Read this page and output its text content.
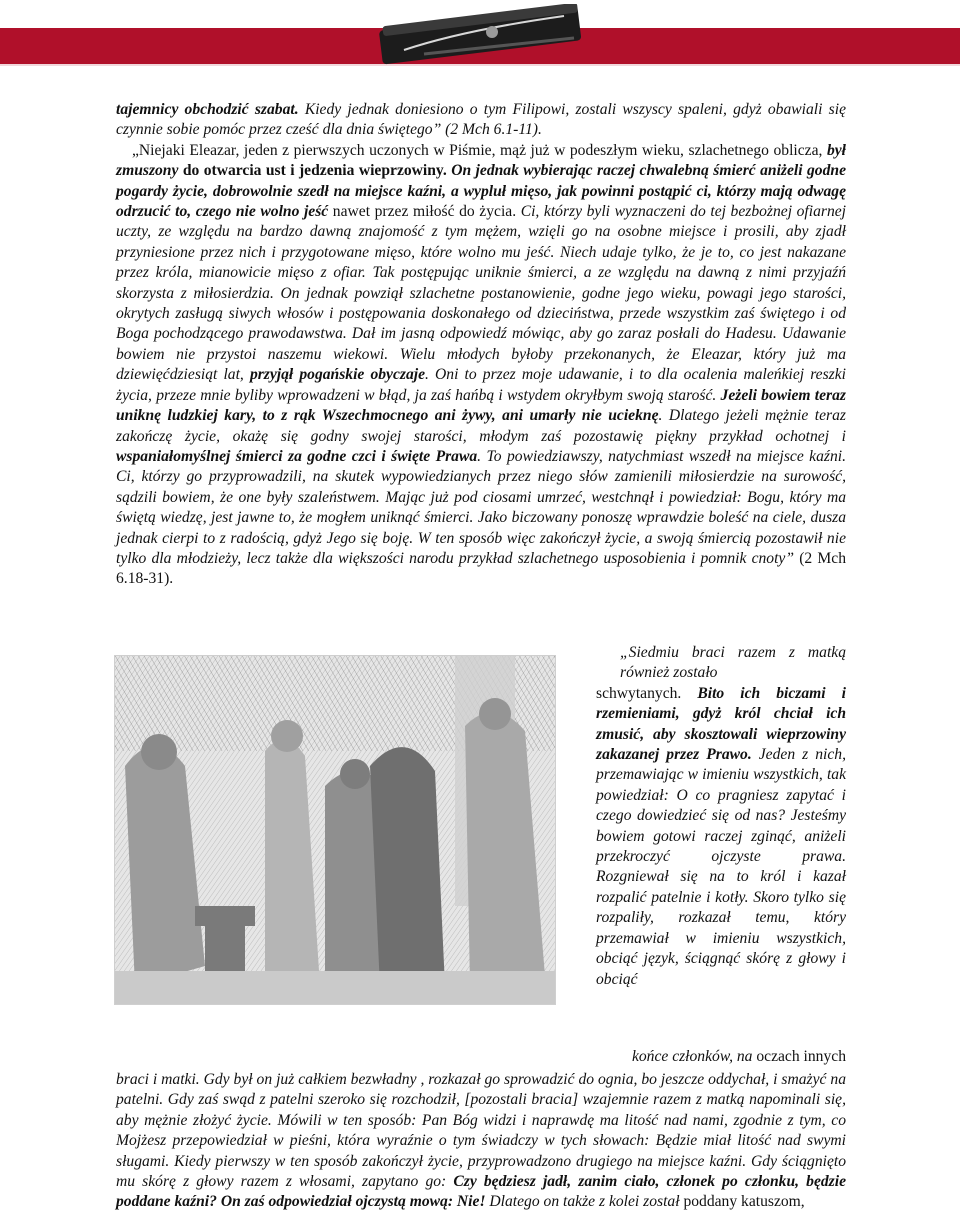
tajemnicy obchodzić szabat. Kiedy jednak doniesiono o tym Filipowi, zostali wszyscy spaleni, gdyż obawiali się czynnie sobie pomóc przez cześć dla dnia świętego” (2 Mch 6.1-11).

„Niejaki Eleazar, jeden z pierwszych uczonych w Piśmie, mąż już w podeszłym wieku, szlachetnego oblicza, był zmuszony do otwarcia ust i jedzenia wieprzowiny. On jednak wybierając raczej chwalebną śmierć aniżeli godne pogardy życie, dobrowolnie szedł na miejsce kaźni, a wypluł mięso, jak powinni postąpić ci, którzy mają odwagę odrzucić to, czego nie wolno jeść nawet przez miłość do życia. Ci, którzy byli wyznaczeni do tej bezbożnej ofiarnej uczty, ze względu na bardzo dawną znajomość z tym mężem, wzięli go na osobne miejsce i prosili, aby zjadł przyniesione przez nich i przygotowane mięso, które wolno mu jeść. Niech udaje tylko, że je to, co jest nakazane przez króla, mianowicie mięso z ofiar. Tak postępując uniknie śmierci, a ze względu na dawną z nimi przyjaźń skorzysta z miłosierdzia. On jednak powziął szlachetne postanowienie, godne jego wieku, powagi jego starości, okrytych zasługą siwych włosów i postępowania doskonałego od dzieciństwa, przede wszystkim zaś świętego i od Boga pochodzącego prawodawstwa. Dał im jasną odpowiedź mówiąc, aby go zaraz posłali do Hadesu. Udawanie bowiem nie przystoi naszemu wiekowi. Wielu młodych byłoby przekonanych, że Eleazar, który już ma dziewięćdziesiąt lat, przyjął pogańskie obyczaje. Oni to przez moje udawanie, i to dla ocalenia maleńkiej reszki życia, przeze mnie byliby wprowadzeni w błąd, ja zaś hańbą i wstydem okryłbym swoją starość. Jeżeli bowiem teraz uniknę ludzkiej kary, to z rąk Wszechmocnego ani żywy, ani umarły nie ucieknę. Dlatego jeżeli mężnie teraz zakończę życie, okażę się godny swojej starości, młodym zaś pozostawię piękny przykład ochotnej i wspaniałomyślnej śmierci za godne czci i święte Prawa. To powiedziawszy, natychmiast wszedł na miejsce kaźni. Ci, którzy go przyprowadzili, na skutek wypowiedzianych przez niego słów zamienili miłosierdzie na surowość, sądzili bowiem, że one były szaleństwem. Mając już pod ciosami umrzeć, westchnął i powiedział: Bogu, który ma świętą wiedzę, jest jawne to, że mogłem uniknąć śmierci. Jako biczowany ponoszę wprawdzie boleść na ciele, dusza jednak cierpi to z radością, gdyż Jego się boję. W ten sposób więc zakończył życie, a swoją śmiercią pozostawił nie tylko dla młodzieży, lecz także dla większości narodu przykład szlachetnego usposobienia i pomnik cnoty” (2 Mch 6.18-31).

„Siedmiu braci razem z matką również zostało schwytanych. Bito ich biczami i rzemieniami, gdyż król chciał ich zmusić, aby skosztowali wieprzowiny zakazanej przez Prawo. Jeden z nich, przemawiając w imieniu wszystkich, tak powiedział: O co pragniesz zapytać i czego dowiedzieć się od nas? Jesteśmy bowiem gotowi raczej zginąć, aniżeli przekroczyć ojczyste prawa. Rozgniewał się na to król i kazał rozpalić patelnie i kotły. Skoro tylko się rozpaliły, rozkazał temu, który przemawiał w imieniu wszystkich, obciąć język, ściągnąć skórę z głowy i obciąć

końce członków, na oczach innych

braci i matki. Gdy był on już całkiem bezwładny , rozkazał go sprowadzić do ognia, bo jeszcze oddychał, i smażyć na patelni. Gdy zaś swąd z patelni szeroko się rozchodził, [pozostali bracia] wzajemnie razem z matką napominali się, aby mężnie złożyć życie. Mówili w ten sposób: Pan Bóg widzi i naprawdę ma litość nad nami, zgodnie z tym, co Mojżesz przepowiedział w pieśni, która wyraźnie o tym świadczy w tych słowach: Będzie miał litość nad swymi sługami. Kiedy pierwszy w ten sposób zakończył życie, przyprowadzono drugiego na miejsce kaźni. Gdy ściągnięto mu skórę z głowy razem z włosami, zapytano go: Czy będziesz jadł, zanim ciało, członek po członku, będzie poddane kaźni? On zaś odpowiedział ojczystą mową: Nie! Dlatego on także z kolei został poddany katuszom,
